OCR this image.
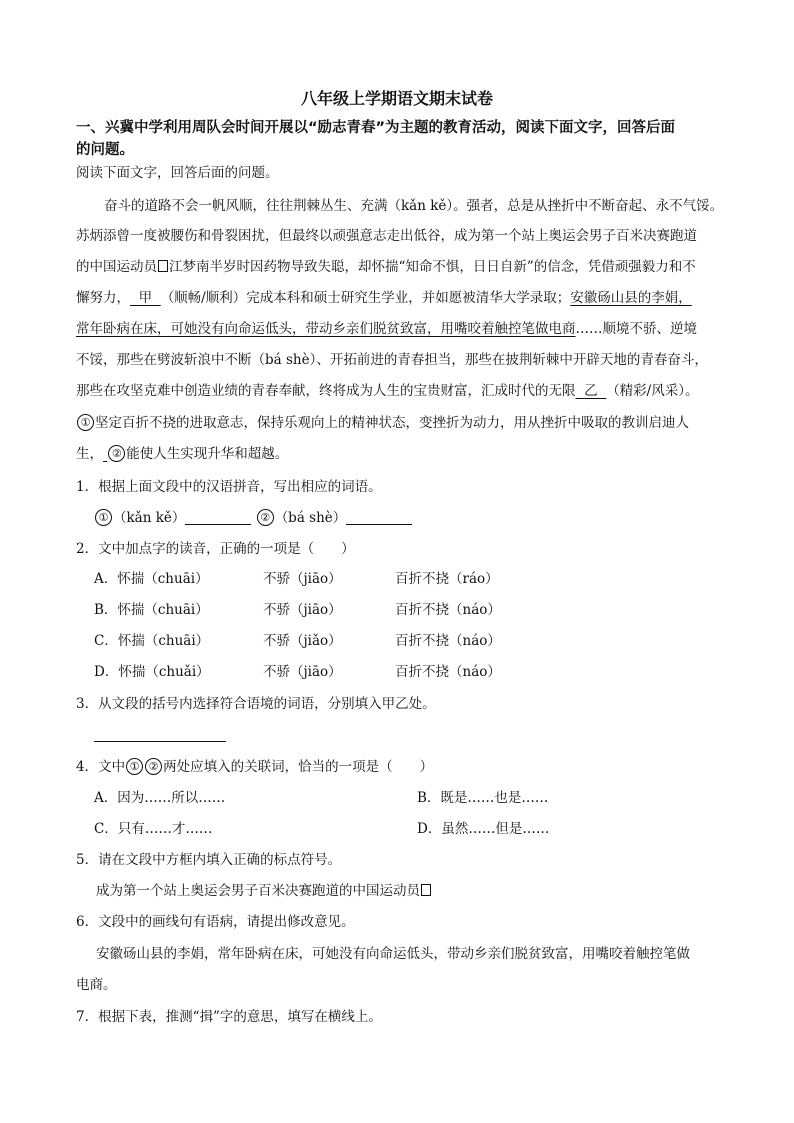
八年级上学期语文期末试卷
一、兴冀中学利用周队会时间开展以“励志青春”为主题的教育活动，阅读下面文字，回答后面
的问题。
阅读下面文字，回答后面的问题。
奋斗的道路不会一帆风顺，往往荆棘丛生、充满（kǎn kě）。强者，总是从挫折中不断奋起、永不气馁。
苏炳添曾一度被腰伤和骨裂困扰，但最终以顽强意志走出低谷，成为第一个站上奥运会男子百米决赛跑道
的中国运动员 江梦南半岁时因药物导致失聪，却怀揣“知命不惧，日日自新”的信念，凭借顽强毅力和不
懈努力， 甲 （顺畅/顺利）完成本科和硕士研究生学业，并如愿被清华大学录取；安徽砀山县的李娟，
常年卧病在床，可她没有向命运低头，带动乡亲们脱贫致富，用嘴咬着触控笔做电商……顺境不骄、逆境
不馁，那些在劈波斩浪中不断（bá shè）、开拓前进的青春担当，那些在披荆斩棘中开辟天地的青春奋斗，
那些在攻坚克难中创造业绩的青春奉献，终将成为人生的宝贵财富，汇成时代的无限 乙 （精彩/风采）。
① 坚定百折不挠的进取意志，保持乐观向上的精神状态，变挫折为动力，用从挫折中吸取的教训启迪人
生， ② 能使人生实现升华和超越。
1．根据上面文段中的汉语拼音，写出相应的词语。
① （kǎn kě）	② （bá shè）
2．文中加点字的读音，正确的一项是（　　）
A．怀揣（chuāi）	不骄（jiāo）	百折不挠（ráo）
B．怀揣（chuāi）	不骄（jiāo）	百折不挠（náo）
C．怀揣（chuāi）	不骄（jiǎo）	百折不挠（náo）
D．怀揣（chuǎi）	不骄（jiāo）	百折不挠（náo）
3．从文段的括号内选择符合语境的词语，分别填入甲乙处。
4．文中 ① ② 两处应填入的关联词，恰当的一项是（　　）
A．因为……所以……	B．既是……也是……
C．只有……才……	D．虽然……但是……
5．请在文段中方框内填入正确的标点符号。
成为第一个站上奥运会男子百米决赛跑道的中国运动员
6．文段中的画线句有语病，请提出修改意见。
安徽砀山县的李娟，常年卧病在床，可她没有向命运低头，带动乡亲们脱贫致富，用嘴咬着触控笔做
电商。
7．根据下表，推测“揖”字的意思，填写在横线上。
